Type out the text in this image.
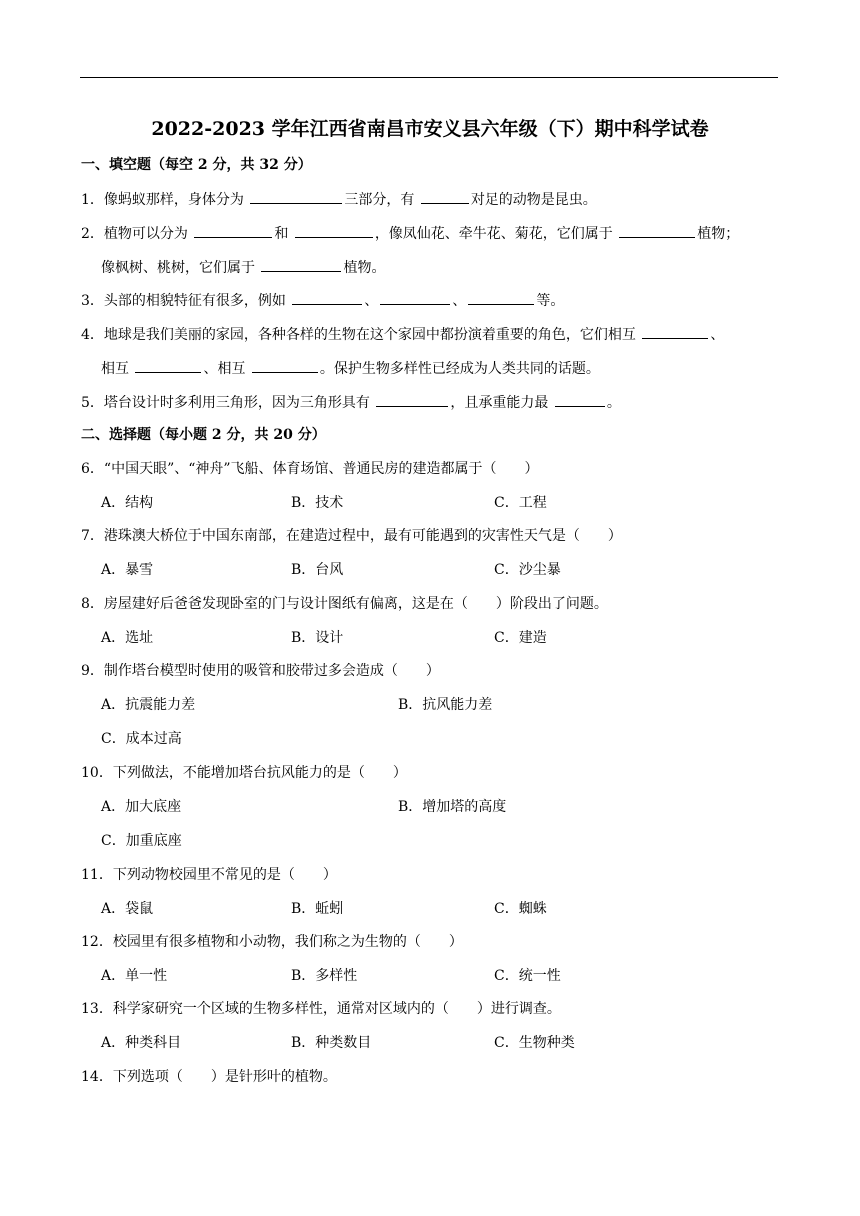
2022-2023 学年江西省南昌市安义县六年级（下）期中科学试卷
一、填空题（每空 2 分，共 32 分）
1．像蚂蚁那样，身体分为	三部分，有	对足的动物是昆虫。
2．植物可以分为	和	，像凤仙花、牵牛花、菊花，它们属于	植物；
像枫树、桃树，它们属于	植物。
3．头部的相貌特征有很多，例如	、	、	等。
4．地球是我们美丽的家园，各种各样的生物在这个家园中都扮演着重要的角色，它们相互	、
相互	、相互	。保护生物多样性已经成为人类共同的话题。
5．塔台设计时多利用三角形，因为三角形具有	，且承重能力最	。
二、选择题（每小题 2 分，共 20 分）
6．“中国天眼”、“神舟”飞船、体育场馆、普通民房的建造都属于（　　）
A．结构	B．技术	C．工程
7．港珠澳大桥位于中国东南部，在建造过程中，最有可能遇到的灾害性天气是（　　）
A．暴雪	B．台风	C．沙尘暴
8．房屋建好后爸爸发现卧室的门与设计图纸有偏离，这是在（　　）阶段出了问题。
A．选址	B．设计	C．建造
9．制作塔台模型时使用的吸管和胶带过多会造成（　　）
A．抗震能力差	B．抗风能力差
C．成本过高
10．下列做法，不能增加塔台抗风能力的是（　　）
A．加大底座	B．增加塔的高度
C．加重底座
11．下列动物校园里不常见的是（　　）
A．袋鼠	B．蚯蚓	C．蜘蛛
12．校园里有很多植物和小动物，我们称之为生物的（　　）
A．单一性	B．多样性	C．统一性
13．科学家研究一个区域的生物多样性，通常对区域内的（　　）进行调查。
A．种类科目	B．种类数目	C．生物种类
14．下列选项（　　）是针形叶的植物。
